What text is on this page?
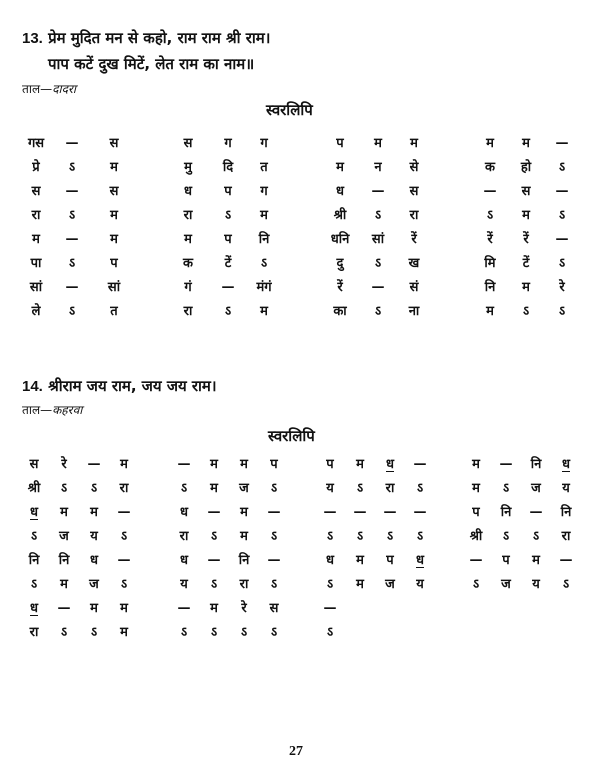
13. प्रेम मुदित मन से कहो, राम राम श्री राम।
पाप कटें दुख मिटें, लेत राम का नाम॥
ताल—दादरा
स्वरलिपि
गस	—	स	स	ग	ग	प	म	म	म	म	—
प्रे	ऽ	म	मु	दि	त	म	न	से	क	हो	ऽ
स	—	स	ध	प	ग	ध	—	स	—	स	—
रा	ऽ	म	रा	ऽ	म	श्री	ऽ	रा	ऽ	म	ऽ
म	—	म	म	प	नि	धनि	सां	रें	रें	रें	—
पा	ऽ	प	क	टें	ऽ	दु	ऽ	ख	मि	टें	ऽ
सां	—	सां	गं	—	मंगं	रें	—	सं	नि	म	रे
ले	ऽ	त	रा	ऽ	म	का	ऽ	ना	म	ऽ	ऽ
14. श्रीराम जय राम, जय जय राम।
ताल—कहरवा
स्वरलिपि
स	रे	—	म	—	म	म	प	प	म	ध	—	म	—	नि	ध
श्री	ऽ	ऽ	रा	ऽ	म	ज	ऽ	य	ऽ	रा	ऽ	म	ऽ	ज	य
ध	म	म	—	ध	—	म	—	—	—	—	—	प	नि	—	नि
ऽ	ज	य	ऽ	रा	ऽ	म	ऽ	ऽ	ऽ	ऽ	ऽ	श्री	ऽ	ऽ	रा
नि	नि	ध	—	ध	—	नि	—	ध	म	प	ध	—	प	म	—
ऽ	म	ज	ऽ	य	ऽ	रा	ऽ	ऽ	म	ज	य	ऽ	ज	य	ऽ
ध	—	म	म	—	म	रे	स	—
रा	ऽ	ऽ	म	ऽ	ऽ	ऽ	ऽ	ऽ
27
